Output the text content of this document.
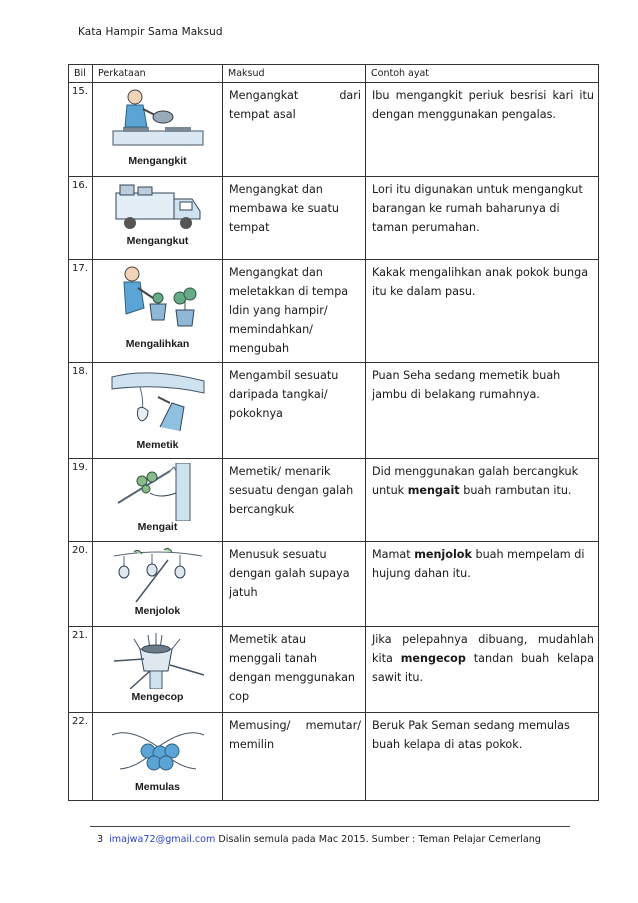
Kata Hampir Sama Maksud
Bil	Perkataan	Maksud	Contoh ayat
15.	Mengangkit	Mengangkat dari tempat asal	Ibu mengangkit periuk besrisi kari itu dengan menggunakan pengalas.
16.	Mengangkut	Mengangkat dan membawa ke suatu tempat	Lori itu digunakan untuk mengangkut barangan ke rumah baharunya di taman perumahan.
17.	Mengalihkan	Mengangkat dan meletakkan di tempa ldin yang hampir/ memindahkan/ mengubah	Kakak mengalihkan anak pokok bunga itu ke dalam pasu.
18.	Memetik	Mengambil sesuatu daripada tangkai/ pokoknya	Puan Seha sedang memetik buah jambu di belakang rumahnya.
19.	Mengait	Memetik/ menarik sesuatu dengan galah bercangkuk	Did menggunakan galah bercangkuk untuk mengait buah rambutan itu.
20.	Menjolok	Menusuk sesuatu dengan galah supaya jatuh	Mamat menjolok buah mempelam di hujung dahan itu.
21.	Mengecop	Memetik atau menggali tanah dengan menggunakan cop	Jika pelepahnya dibuang, mudahlah kita mengecop tandan buah kelapa sawit itu.
22.	Memulas	Memusing/ memutar/ memilin	Beruk Pak Seman sedang memulas buah kelapa di atas pokok.
3 imajwa72@gmail.com Disalin semula pada Mac 2015. Sumber : Teman Pelajar Cemerlang
